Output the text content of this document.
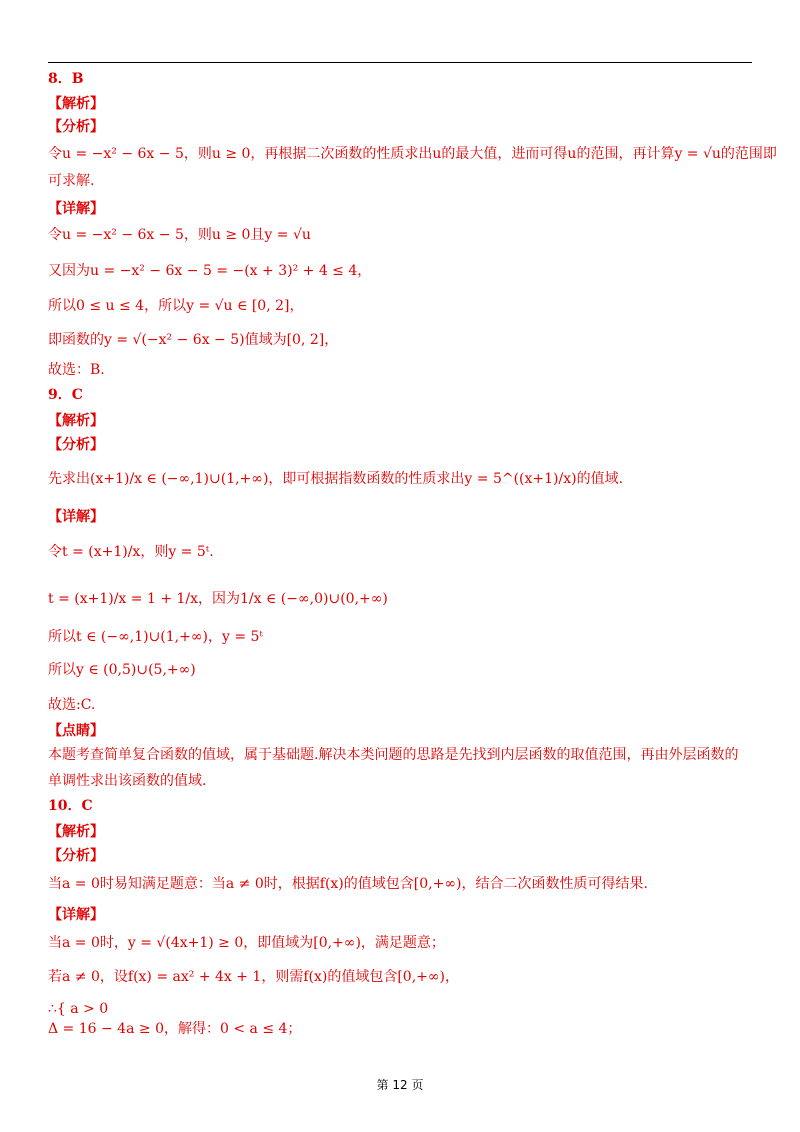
8．B
【解析】
【分析】
令u = −x² − 6x − 5，则u ≥ 0，再根据二次函数的性质求出u的最大值，进而可得u的范围，再计算y = √u的范围即
可求解.
【详解】
令u = −x² − 6x − 5，则u ≥ 0且y = √u
又因为u = −x² − 6x − 5 = −(x + 3)² + 4 ≤ 4，
所以0 ≤ u ≤ 4，所以y = √u ∈ [0, 2]，
即函数的y = √(−x² − 6x − 5)值域为[0, 2]，
故选：B.
9．C
【解析】
【分析】
先求出(x+1)/x ∈ (−∞,1)∪(1,+∞)，即可根据指数函数的性质求出y = 5^((x+1)/x)的值域.
【详解】
令t = (x+1)/x，则y = 5ᵗ.
t = (x+1)/x = 1 + 1/x，因为1/x ∈ (−∞,0)∪(0,+∞)
所以t ∈ (−∞,1)∪(1,+∞)，y = 5ᵗ
所以y ∈ (0,5)∪(5,+∞)
故选:C.
【点睛】
本题考查简单复合函数的值域，属于基础题.解决本类问题的思路是先找到内层函数的取值范围，再由外层函数的
单调性求出该函数的值域.
10．C
【解析】
【分析】
当a = 0时易知满足题意：当a ≠ 0时，根据f(x)的值域包含[0,+∞)，结合二次函数性质可得结果.
【详解】
当a = 0时，y = √(4x+1) ≥ 0，即值域为[0,+∞)，满足题意；
若a ≠ 0，设f(x) = ax² + 4x + 1，则需f(x)的值域包含[0,+∞)，
∴{ a > 0
Δ = 16 − 4a ≥ 0，解得：0 < a ≤ 4；
第 12 页
